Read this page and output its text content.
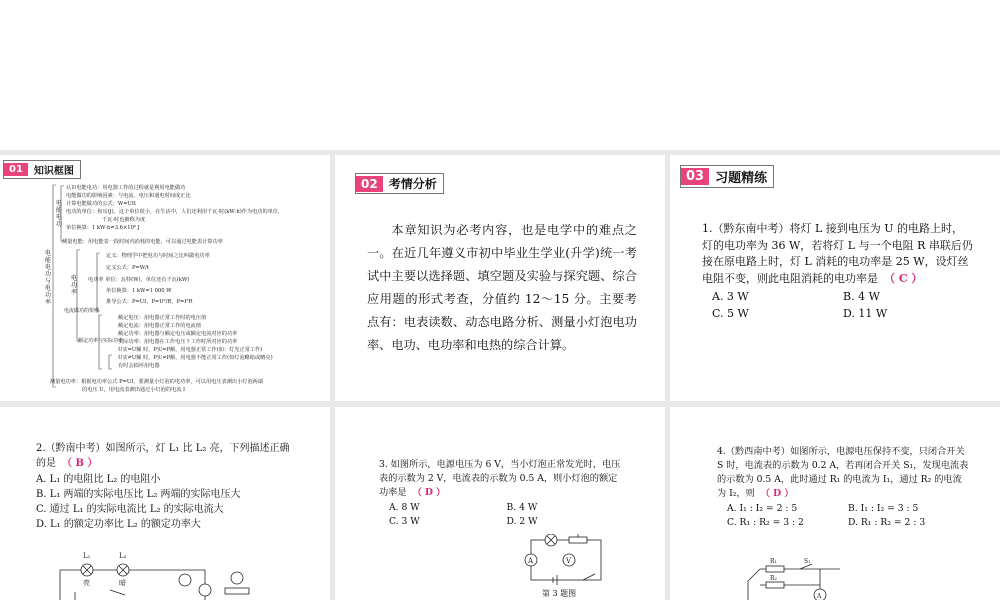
01	知识框图
电能电功与电功率
电能电功
电功率
电流做功的快慢
额定功率与实际功率
认识电能电功：用电器工作的过程就是利用电能做功
电能做功的影响因素：与电流、电压和通电时间成正比
计算电能做功的公式：W=UIt
电功的单位：焦耳(J)，这个单位很小，在生活中，人们还利用千瓦·时(kW·h)作为电功的单位，
千瓦·时也被称为度
单位换算：1 kW·h=3.6×10⁶ J
测量电能：用电能表一段时间内消耗的电能，可以通过电能表计算功率
定义：物理学中把电功与时间之比叫做电功率
定义公式：P=W/t
电功率 单位：瓦特(W)，单位还有千瓦(kW)
单位换算：1 kW=1 000 W
推导公式：P=UI，P=U²/R，P=I²R
额定电压：用电器正常工作时的电压值
额定电流：用电器正常工作的电流值
额定功率：用电器与额定电压或额定电流对应的功率
实际功率：用电器在工作电压下工作时所对应的功率
U实=U额 时，P实=P额，用电器正常工作(如：灯光正常工作)
U实≠U额 时，P实≠P额，用电器不能正常工作(如灯泡略暗或略亮)
有时会损坏用电器
测量电功率：根据电功率公式 P=UI，要测量小灯泡的电功率，可以用电压表测出小灯泡两端
的电压 U，用电流表测出通过小灯泡的电流 I
02 考情分析
本章知识为必考内容，也是电学中的难点之一。在近几年遵义市初中毕业生学业(升学)统一考试中主要以选择题、填空题及实验与探究题、综合应用题的形式考查，分值约 12～15 分。主要考点有：电表读数、动态电路分析、测量小灯泡电功率、电功、电功率和电热的综合计算。
03 习题精练
1.（黔东南中考）将灯 L 接到电压为 U 的电路上时，灯的电功率为 36 W，若将灯 L 与一个电阻 R 串联后仍接在原电路上时，灯 L 消耗的电功率是 25 W，设灯丝电阻不变，则此电阻消耗的电功率是 （ C ）
A. 3 W	B. 4 W
C. 5 W	D. 11 W
2.（黔南中考）如图所示，灯 L₁ 比 L₂ 亮，下列描述正确的是 （ B ）
A. L₁ 的电阻比 L₂ 的电阻小
B. L₁ 两端的实际电压比 L₂ 两端的实际电压大
C. 通过 L₁ 的实际电流比 L₂ 的实际电流大
D. L₁ 的额定功率比 L₂ 的额定功率大
L₁	L₂
亮	暗
3. 如图所示，电源电压为 6 V，当小灯泡正常发光时，电压表的示数为 2 V，电流表的示数为 0.5 A，则小灯泡的额定功率是 （ D ）
A. 8 W	B. 4 W
C. 3 W	D. 2 W
A	V
第 3 题图
4.（黔西南中考）如图所示，电源电压保持不变，只闭合开关 S 时，电流表的示数为 0.2 A，若再闭合开关 S₁，发现电流表的示数为 0.5 A，此时通过 R₁ 的电流为 I₁，通过 R₂ 的电流为 I₂，则 （ D ）
A. I₁ : I₂ = 2 : 5	B. I₁ : I₂ = 3 : 5
C. R₁ : R₂ = 3 : 2	D. R₁ : R₂ = 2 : 3
R₁	S₁
R₂
A
